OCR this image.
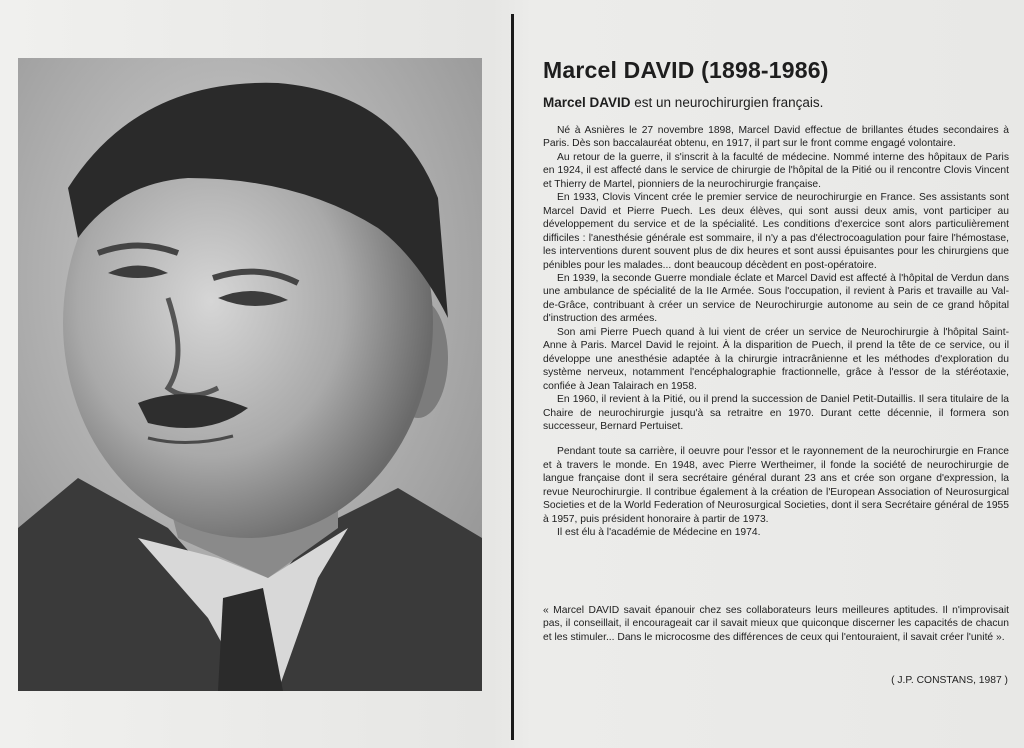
Marcel DAVID (1898-1986)

Marcel DAVID est un neurochirurgien français.

Né à Asnières le 27 novembre 1898, Marcel David effectue de brillantes études secondaires à Paris. Dès son baccalauréat obtenu, en 1917, il part sur le front comme engagé volontaire.

Au retour de la guerre, il s'inscrit à la faculté de médecine. Nommé interne des hôpitaux de Paris en 1924, il est affecté dans le service de chirurgie de l'hôpital de la Pitié ou il rencontre Clovis Vincent et Thierry de Martel, pionniers de la neurochirurgie française.

En 1933, Clovis Vincent crée le premier service de neurochirurgie en France. Ses assistants sont Marcel David et Pierre Puech. Les deux élèves, qui sont aussi deux amis, vont participer au développement du service et de la spécialité. Les conditions d'exercice sont alors particulièrement difficiles : l'anesthésie générale est sommaire, il n'y a pas d'électrocoagulation pour faire l'hémostase, les interventions durent souvent plus de dix heures et sont aussi épuisantes pour les chirurgiens que pénibles pour les malades... dont beaucoup décèdent en post-opératoire.

En 1939, la seconde Guerre mondiale éclate et Marcel David est affecté à l'hôpital de Verdun dans une ambulance de spécialité de la IIe Armée. Sous l'occupation, il revient à Paris et travaille au Val-de-Grâce, contribuant à créer un service de Neurochirurgie autonome au sein de ce grand hôpital d'instruction des armées.

Son ami Pierre Puech quand à lui vient de créer un service de Neurochirurgie à l'hôpital Saint-Anne à Paris. Marcel David le rejoint. À la disparition de Puech, il prend la tête de ce service, ou il développe une anesthésie adaptée à la chirurgie intracrânienne et les méthodes d'exploration du système nerveux, notamment l'encéphalographie fractionnelle, grâce à l'essor de la stéréotaxie, confiée à Jean Talairach en 1958.

En 1960, il revient à la Pitié, ou il prend la succession de Daniel Petit-Dutaillis. Il sera titulaire de la Chaire de neurochirurgie jusqu'à sa retraitre en 1970. Durant cette décennie, il formera son successeur, Bernard Pertuiset.

Pendant toute sa carrière, il oeuvre pour l'essor et le rayonnement de la neurochirurgie en France et à travers le monde. En 1948, avec Pierre Wertheimer, il fonde la société de neurochirurgie de langue française dont il sera secrétaire général durant 23 ans et crée son organe d'expression, la revue Neurochirurgie. Il contribue également à la création de l'European Association of Neurosurgical Societies et de la World Federation of Neurosurgical Societies, dont il sera Secrétaire général de 1955 à 1957, puis président honoraire à partir de 1973.

Il est élu à l'académie de Médecine en 1974.

« Marcel DAVID savait épanouir chez ses collaborateurs leurs meilleures aptitudes. Il n'improvisait pas, il conseillait, il encourageait car il savait mieux que quiconque discerner les capacités de chacun et les stimuler... Dans le microcosme des différences de ceux qui l'entouraient, il savait créer l'unité ».

( J.P. CONSTANS, 1987 )
